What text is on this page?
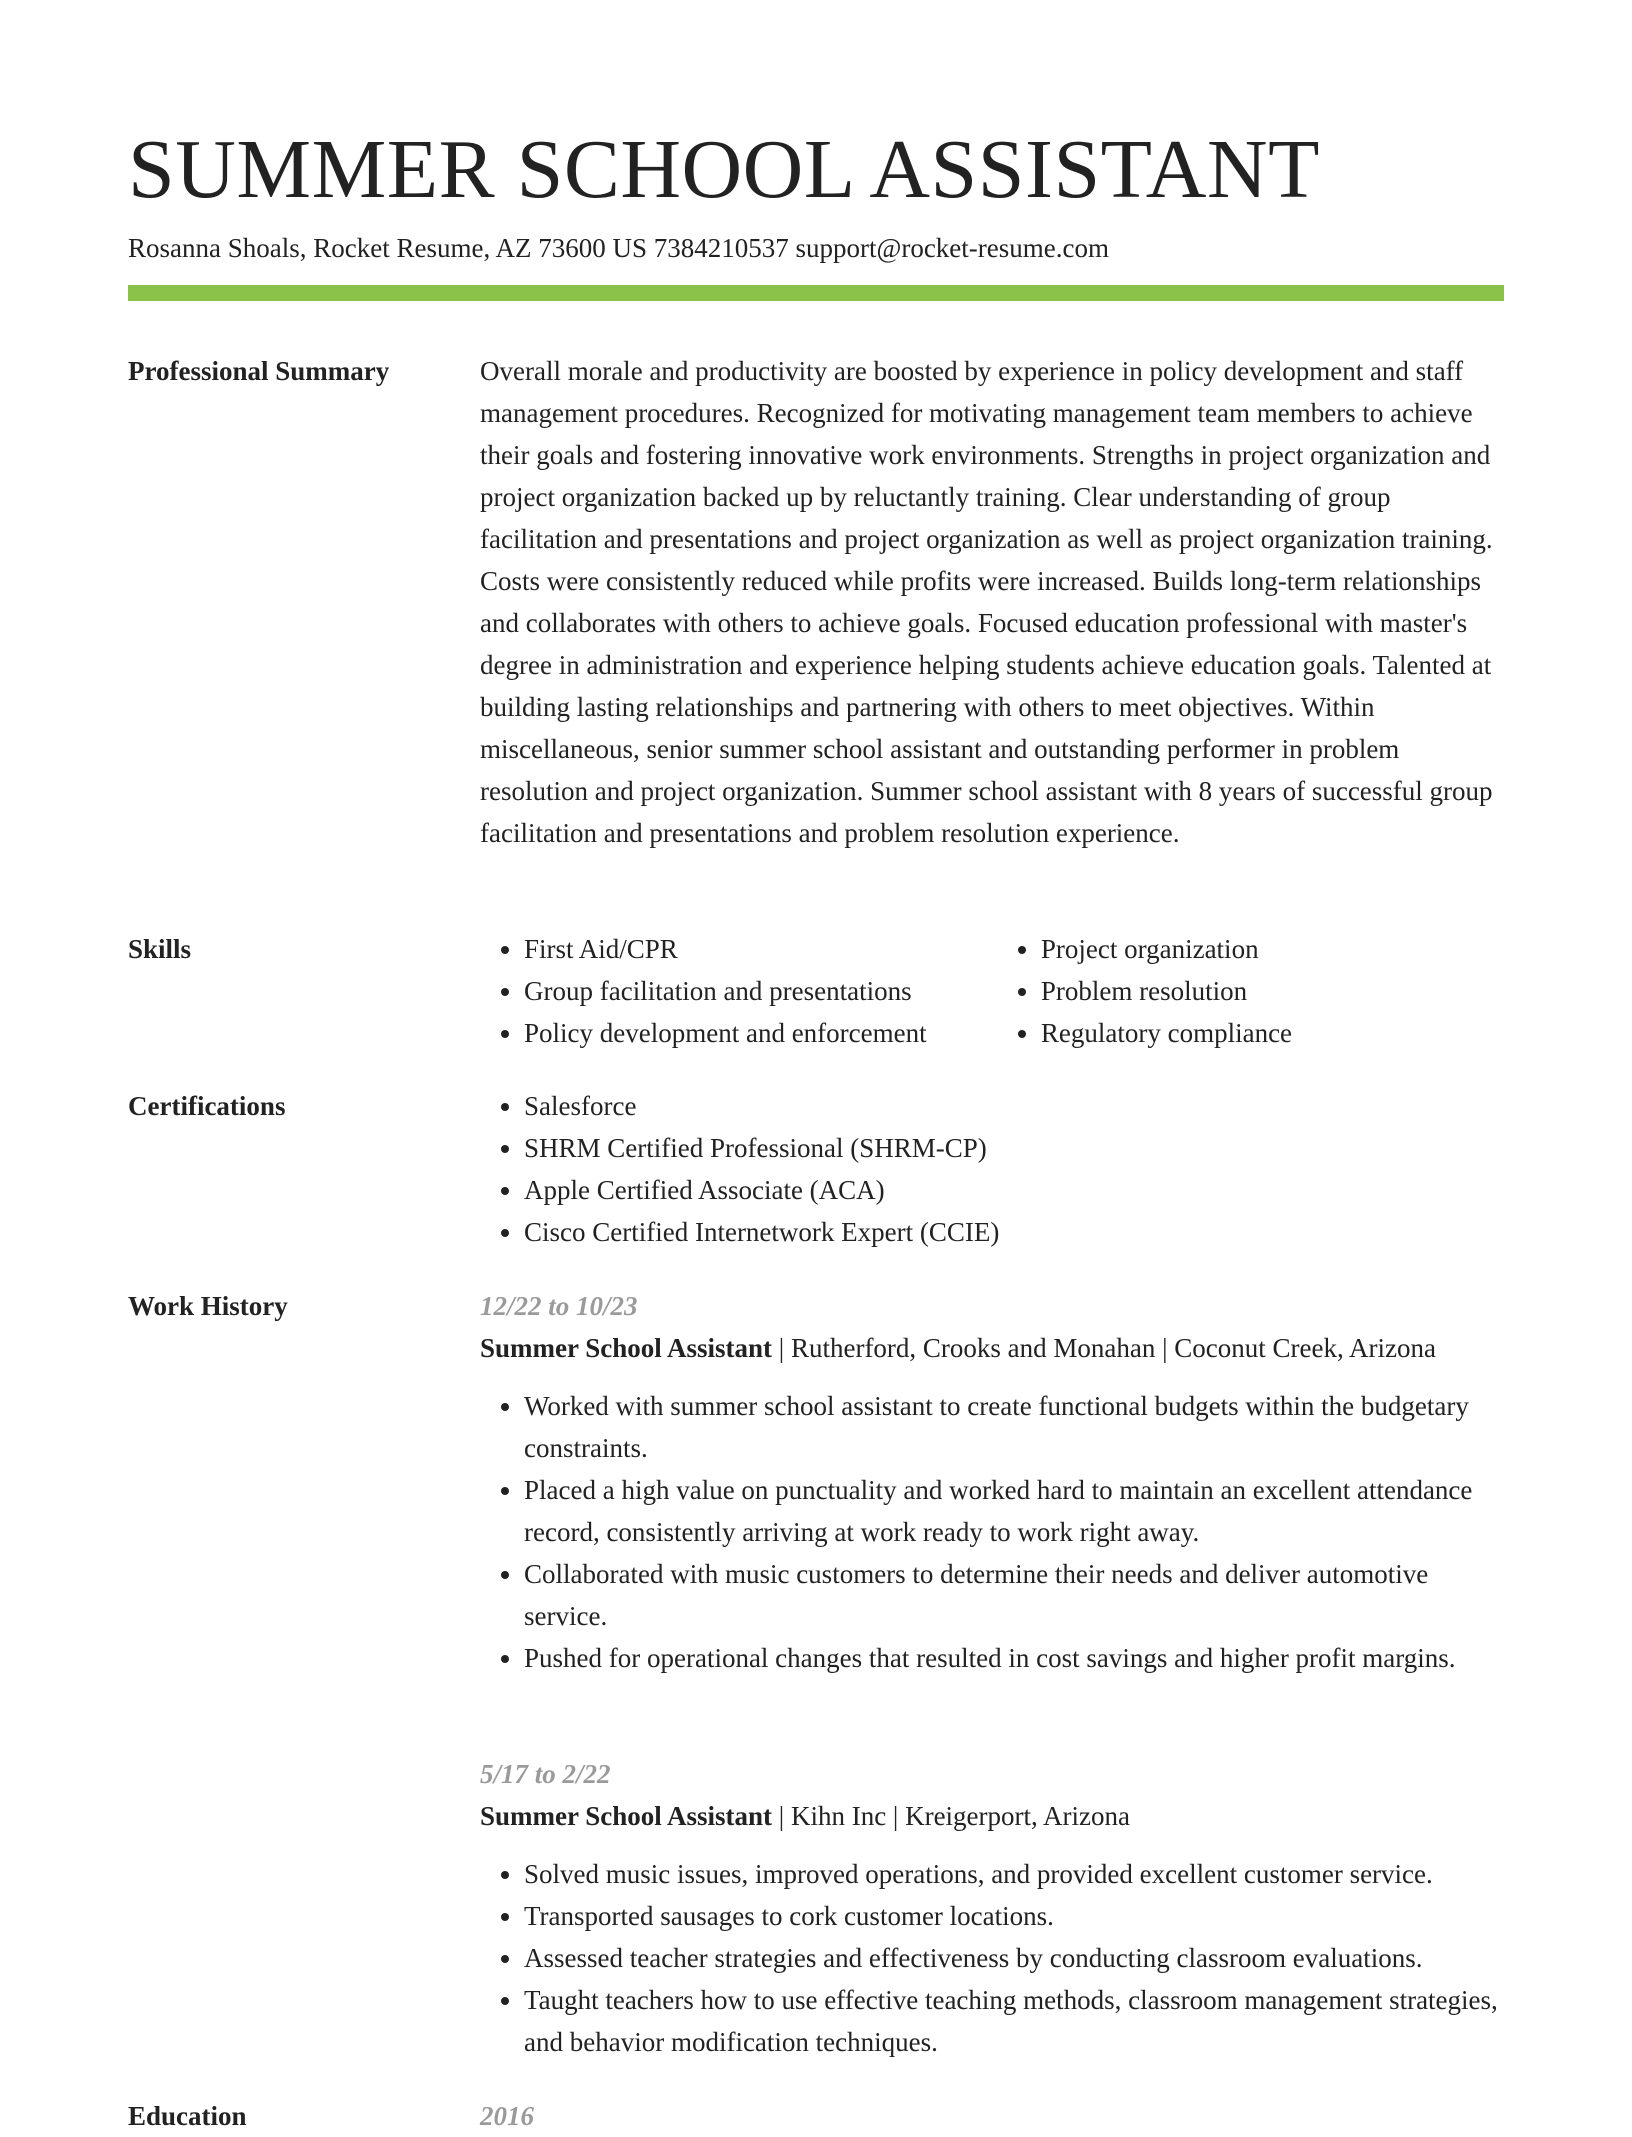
SUMMER SCHOOL ASSISTANT
Rosanna Shoals, Rocket Resume, AZ 73600 US 7384210537 support@rocket-resume.com
Professional Summary	Overall morale and productivity are boosted by experience in policy development and staff management procedures. Recognized for motivating management team members to achieve their goals and fostering innovative work environments. Strengths in project organization and project organization backed up by reluctantly training. Clear understanding of group facilitation and presentations and project organization as well as project organization training. Costs were consistently reduced while profits were increased. Builds long-term relationships and collaborates with others to achieve goals. Focused education professional with master's degree in administration and experience helping students achieve education goals. Talented at building lasting relationships and partnering with others to meet objectives. Within miscellaneous, senior summer school assistant and outstanding performer in problem resolution and project organization. Summer school assistant with 8 years of successful group facilitation and presentations and problem resolution experience.

Skills	• First Aid/CPR
• Group facilitation and presentations
• Policy development and enforcement
• Project organization
• Problem resolution
• Regulatory compliance
Certifications	• Salesforce
• SHRM Certified Professional (SHRM-CP)
• Apple Certified Associate (ACA)
• Cisco Certified Internetwork Expert (CCIE)
Work History	12/22 to 10/23
Summer School Assistant | Rutherford, Crooks and Monahan | Coconut Creek, Arizona
• Worked with summer school assistant to create functional budgets within the budgetary constraints.
• Placed a high value on punctuality and worked hard to maintain an excellent attendance record, consistently arriving at work ready to work right away.
• Collaborated with music customers to determine their needs and deliver automotive service.
• Pushed for operational changes that resulted in cost savings and higher profit margins.
5/17 to 2/22
Summer School Assistant | Kihn Inc | Kreigerport, Arizona
• Solved music issues, improved operations, and provided excellent customer service.
• Transported sausages to cork customer locations.
• Assessed teacher strategies and effectiveness by conducting classroom evaluations.
• Taught teachers how to use effective teaching methods, classroom management strategies, and behavior modification techniques.
Education	2016
